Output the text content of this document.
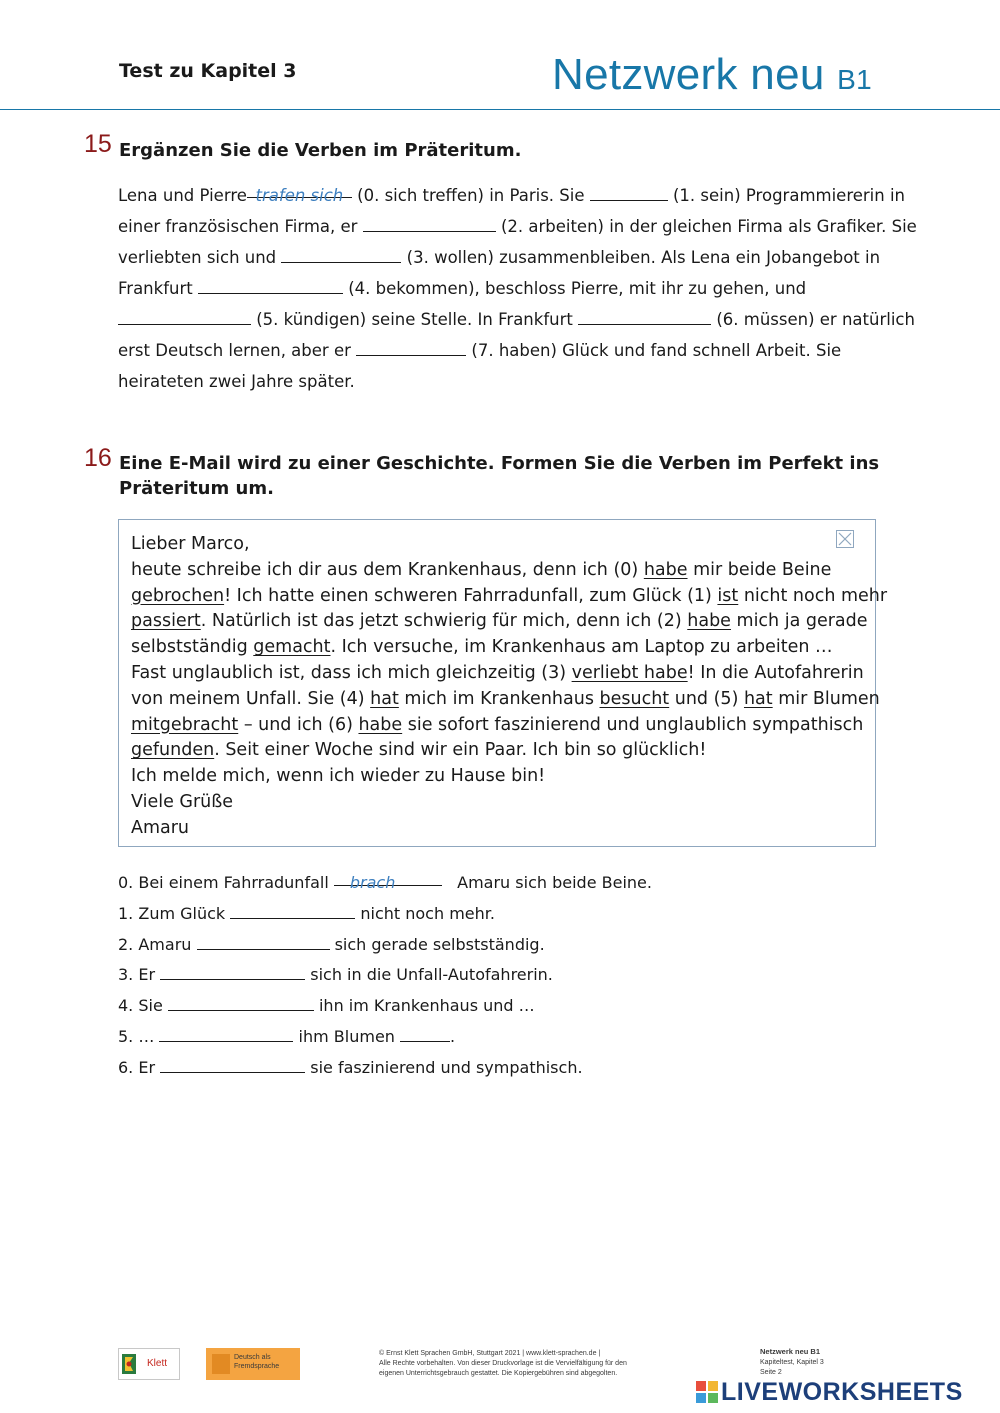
Test zu Kapitel 3	Netzwerk neu B1
15 Ergänzen Sie die Verben im Präteritum.
Lena und Pierre trafen sich (0. sich treffen) in Paris. Sie	(1. sein) Programmiererin in
einer französischen Firma, er	(2. arbeiten) in der gleichen Firma als Grafiker. Sie
verliebten sich und	(3. wollen) zusammenbleiben. Als Lena ein Jobangebot in
Frankfurt	(4. bekommen), beschloss Pierre, mit ihr zu gehen, und
(5. kündigen) seine Stelle. In Frankfurt	(6. müssen) er natürlich
erst Deutsch lernen, aber er	(7. haben) Glück und fand schnell Arbeit. Sie
heirateten zwei Jahre später.
16 Eine E-Mail wird zu einer Geschichte. Formen Sie die Verben im Perfekt ins
Präteritum um.
Lieber Marco,
heute schreibe ich dir aus dem Krankenhaus, denn ich (0) habe mir beide Beine
gebrochen! Ich hatte einen schweren Fahrradunfall, zum Glück (1) ist nicht noch mehr
passiert. Natürlich ist das jetzt schwierig für mich, denn ich (2) habe mich ja gerade
selbstständig gemacht. Ich versuche, im Krankenhaus am Laptop zu arbeiten …
Fast unglaublich ist, dass ich mich gleichzeitig (3) verliebt habe! In die Autofahrerin
von meinem Unfall. Sie (4) hat mich im Krankenhaus besucht und (5) hat mir Blumen
mitgebracht – und ich (6) habe sie sofort faszinierend und unglaublich sympathisch
gefunden. Seit einer Woche sind wir ein Paar. Ich bin so glücklich!
Ich melde mich, wenn ich wieder zu Hause bin!
Viele Grüße
Amaru
0. Bei einem Fahrradunfall brach	Amaru sich beide Beine.
1. Zum Glück	nicht noch mehr.
2. Amaru	sich gerade selbstständig.
3. Er	sich in die Unfall-Autofahrerin.
4. Sie	ihn im Krankenhaus und …
5. …	ihm Blumen	.
6. Er	sie faszinierend und sympathisch.
Klett
Deutsch als
Fremdsprache
© Ernst Klett Sprachen GmbH, Stuttgart 2021 | www.klett-sprachen.de |
Alle Rechte vorbehalten. Von dieser Druckvorlage ist die Vervielfältigung für den
eigenen Unterrichtsgebrauch gestattet. Die Kopiergebühren sind abgegolten.
Netzwerk neu B1
Kapiteltest, Kapitel 3
Seite 2
LIVEWORKSHEETS
